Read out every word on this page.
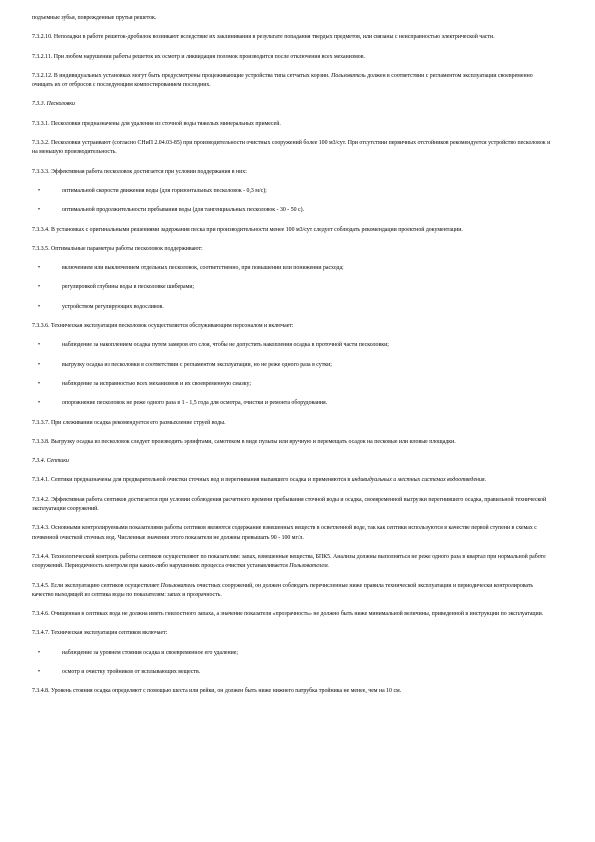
подъемные зубья, поврежденные прутья решеток.

7.3.2.10. Неполадки в работе решеток-дробилок возникают вследствие их заклинивания в результате попадания твердых предметов, или связаны с неисправностью электрической части.

7.3.2.11. При любом нарушении работы решеток их осмотр и ликвидация поломок производится после отключения всех механизмов.

7.3.2.12. В индивидуальных установках могут быть предусмотрены процеживающие устройства типа сетчатых корзин. Пользователь должен в соответствии с регламентом эксплуатации своевременно очищать их от отбросов с последующим компостированием последних.

7.3.3. Песколовки

7.3.3.1. Песколовки предназначены для удаления из сточной воды тяжелых минеральных примесей.

7.3.3.2. Песколовки устраивают (согласно СНиП 2.04.03-85) при производительности очистных сооружений более 100 м3/сут. При отсутствии первичных отстойников рекомендуется устройство песколовок и на меньшую производительность.

7.3.3.3. Эффективная работа песколовок достигается при условии поддержания в них:

•	оптимальной скорости движения воды (для горизонтальных песколовок - 0,3 м/с);
•	оптимальной продолжительности пребывания воды (для тангенциальных песколовок - 30 - 50 с).

7.3.3.4. В установках с оригинальными решениями задержания песка при производительности менее 100 м3/сут следует соблюдать рекомендации проектной документации.

7.3.3.5. Оптимальные параметры работы песколовок поддерживают:

•	включением или выключением отдельных песколовок, соответственно, при повышении или понижении расхода;
•	регулировкой глубины воды в песколовке шиберами;
•	устройством регулирующих водосливов.

7.3.3.6. Техническая эксплуатация песколовок осуществляется обслуживающим персоналом и включает:

•	наблюдение за накоплением осадка путем замеров его слоя, чтобы не допустить накопления осадка в проточной части песколовки;
•	выгрузку осадка из песколовки в соответствии с регламентом эксплуатации, но не реже одного раза в сутки;
•	наблюдение за исправностью всех механизмов и их своевременную смазку;
•	опорожнение песколовок не реже одного раза в 1 - 1,5 года для осмотра, очистки и ремонта оборудования.

7.3.3.7. При слеживании осадка рекомендуется его размыхление струей воды.

7.3.3.8. Выгрузку осадка из песколовок следует производить эрлифтами, самотеком в виде пульпы или вручную и перемещать осадок на песковые или иловые площадки.

7.3.4. Септики

7.3.4.1. Септики предназначены для предварительной очистки сточных вод и перегнивания выпавшего осадка и применяются в индивидуальных и местных системах водоотведения.

7.3.4.2. Эффективная работа септиков достигается при условии соблюдения расчетного времени пребывания сточной воды и осадка, своевременной выгрузки перегнившего осадка, правильной технической эксплуатации сооружений.

7.3.4.3. Основными контролируемыми показателями работы септиков являются содержание взвешенных веществ в осветленной воде, так как септики используются в качестве первой ступени в схемах с почвенной очисткой сточных вод. Численные значения этого показателя не должны превышать 90 - 100 мг/л.

7.3.4.4. Технологический контроль работы септиков осуществляют по показателям: запах, взвешенные вещества, БПК5. Анализы должны выполняться не реже одного раза в квартал при нормальной работе сооружений. Периодичность контроля при каких-либо нарушениях процесса очистки устанавливается Пользователем.

7.3.4.5. Если эксплуатацию септиков осуществляет Пользователь очистных сооружений, он должен соблюдать перечисленные ниже правила технической эксплуатации и периодически контролировать качество выходящей из септика воды по показателям: запах и прозрачность.

7.3.4.6. Очищенная в септиках вода не должна иметь гнилостного запаха, а значение показателя «прозрачность» не должно быть ниже минимальной величины, приведенной в инструкции по эксплуатации.

7.3.4.7. Техническая эксплуатация септиков включает:

•	наблюдение за уровнем стояния осадка и своевременное его удаление;
•	осмотр и очистку тройников от всплывающих веществ.

7.3.4.8. Уровень стояния осадка определяют с помощью шеста или рейки, он должен быть ниже нижнего патрубка тройника не менее, чем на 10 см.
